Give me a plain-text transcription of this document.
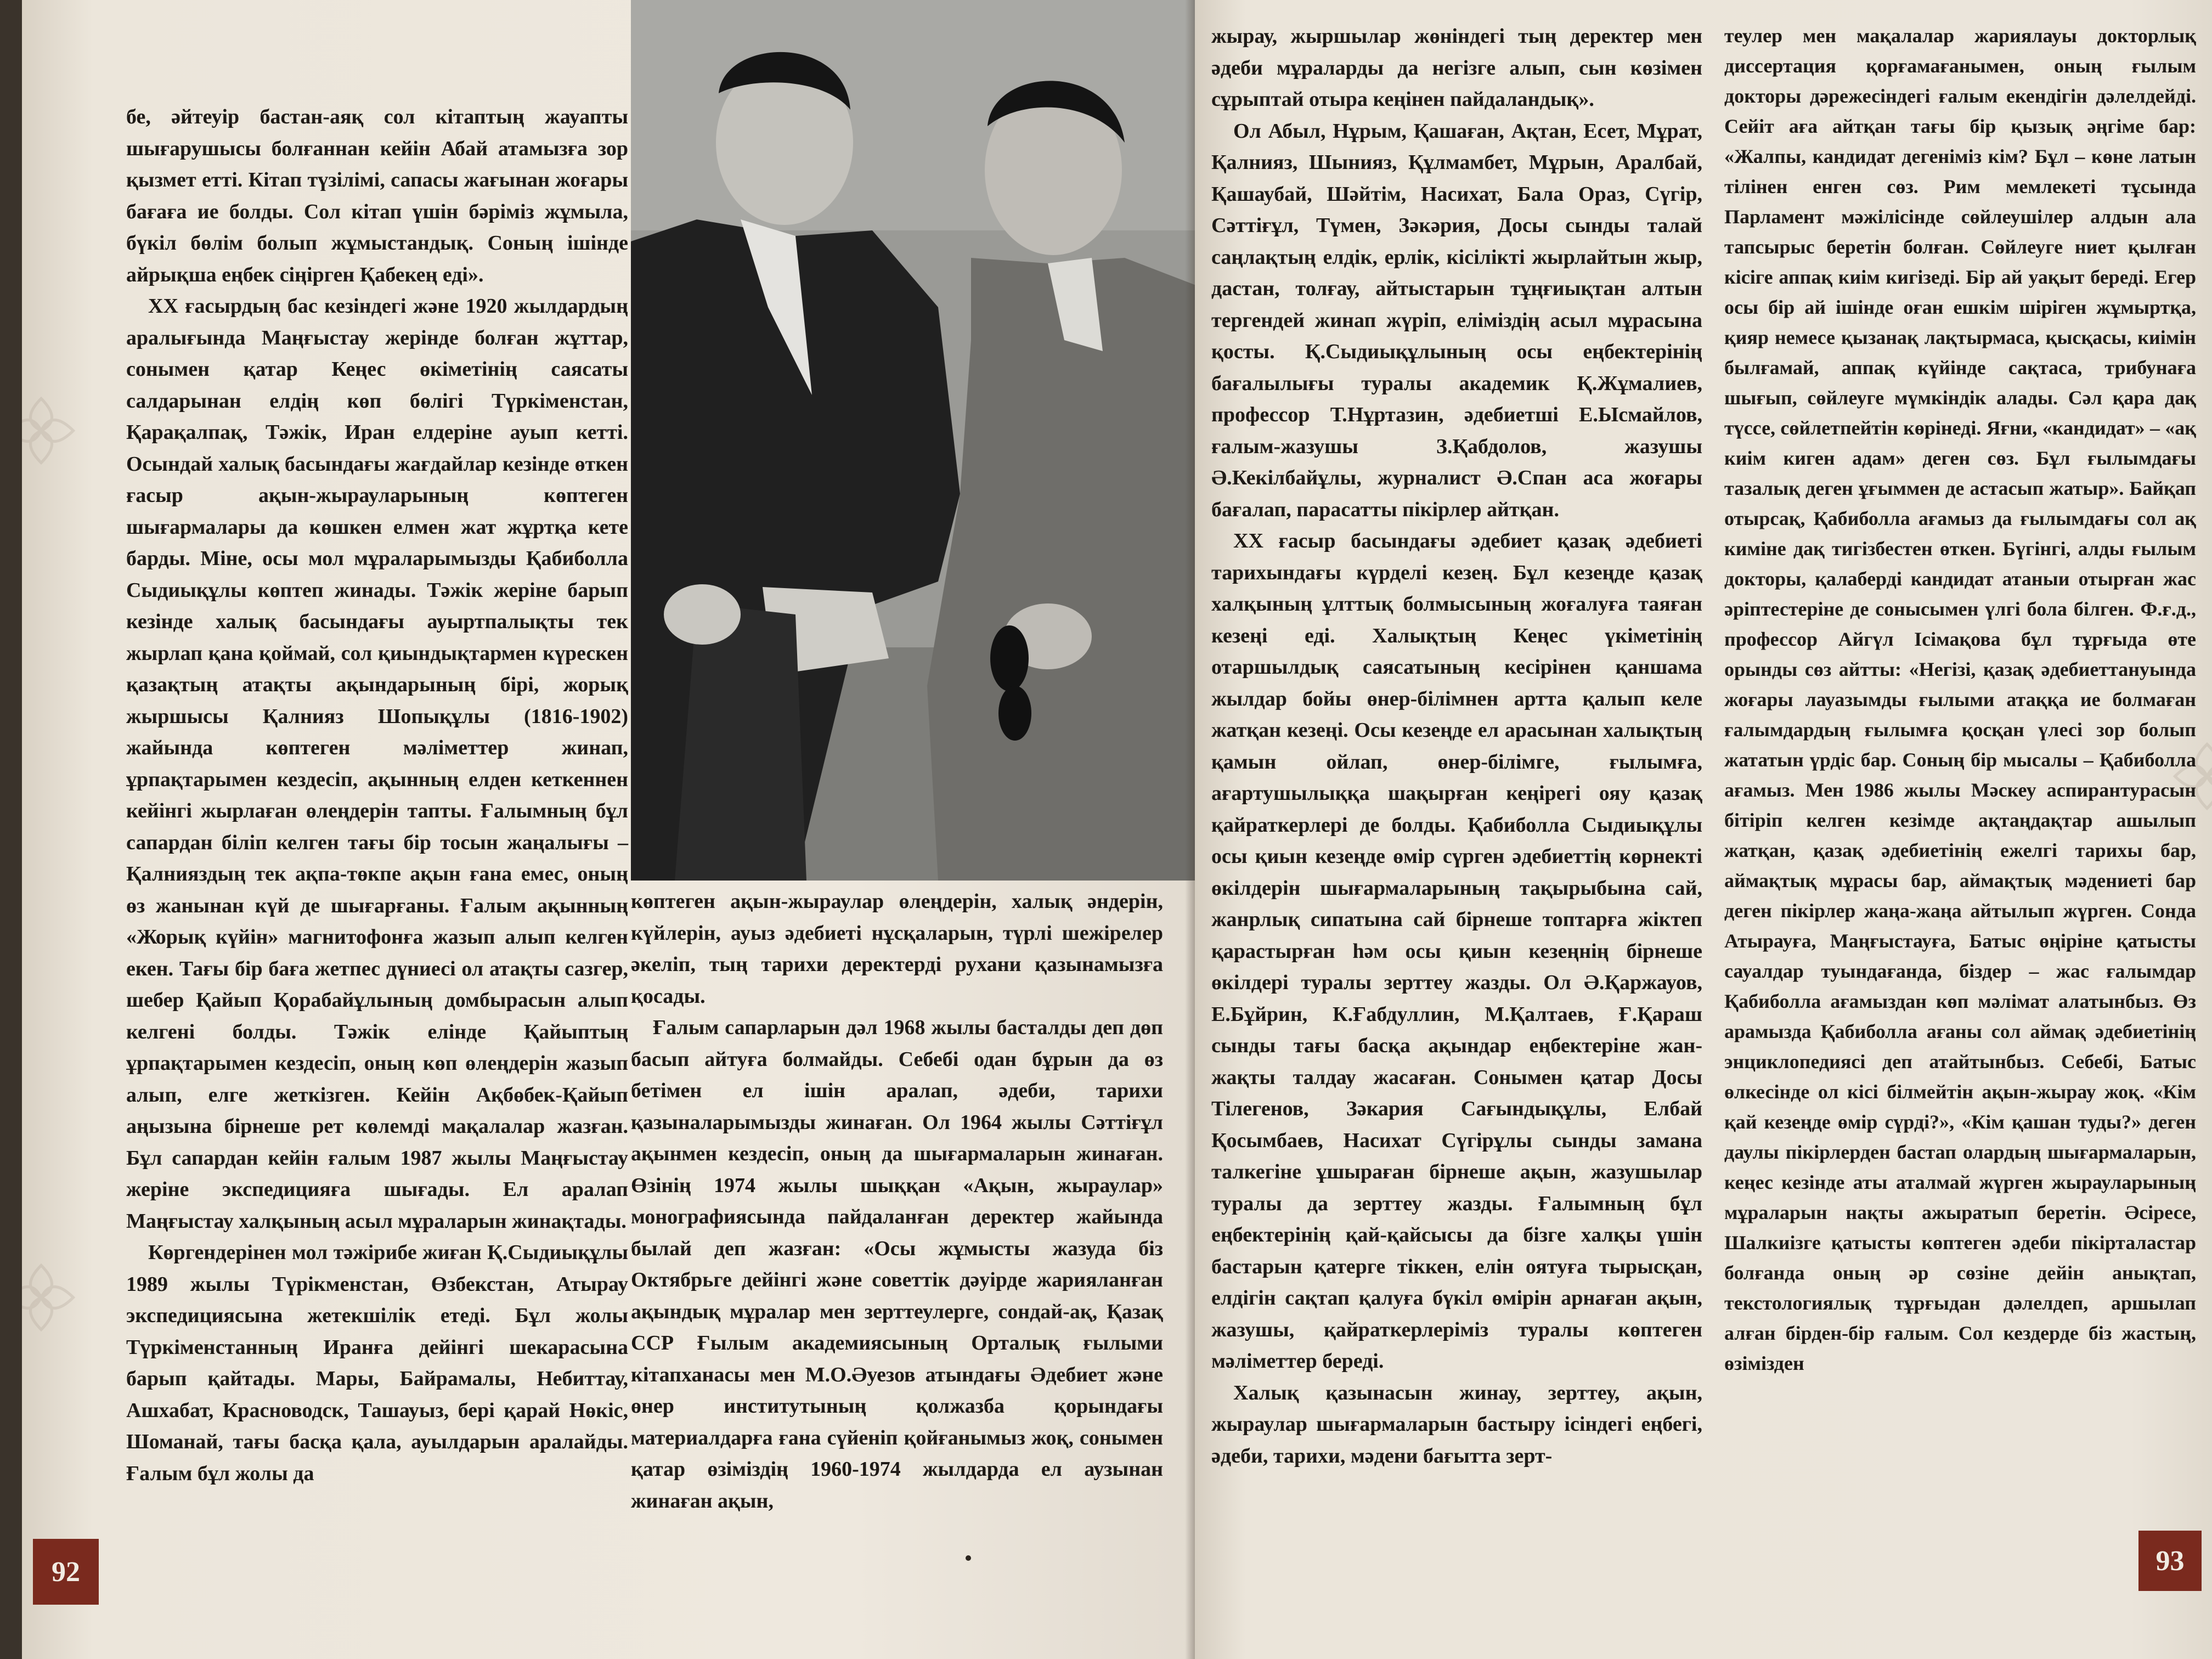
бе, әйтеуір бастан-аяқ сол кітаптың жауапты шығарушысы болғаннан кейін Абай атамызға зор қызмет етті. Кітап түзілімі, сапасы жағынан жоғары бағаға ие болды. Сол кітап үшін бәріміз жұмыла, бүкіл бөлім болып жұмыстандық. Соның ішінде айрықша еңбек сіңірген Қабекең еді».

ХХ ғасырдың бас кезіндегі және 1920 жылдардың аралығында Маңғыстау жерінде болған жұттар, сонымен қатар Кеңес өкіметінің саясаты салдарынан елдің көп бөлігі Түркіменстан, Қарақалпақ, Тәжік, Иран елдеріне ауып кетті. Осындай халық басындағы жағдайлар кезінде өткен ғасыр ақын-жырауларының көптеген шығармалары да көшкен елмен жат жұртқа кете барды. Міне, осы мол мұраларымызды Қабиболла Сыдиықұлы көптеп жинады. Тәжік жеріне барып кезінде халық басындағы ауыртпалықты тек жырлап қана қоймай, сол қиындықтармен күрескен қазақтың атақты ақындарының бірі, жорық жыршысы Қалнияз Шопықұлы (1816-1902) жайында көптеген мәліметтер жинап, ұрпақтарымен кездесіп, ақынның елден кеткеннен кейінгі жырлаған өлеңдерін тапты. Ғалымның бұл сапардан біліп келген тағы бір тосын жаңалығы – Қалнияздың тек ақпа-төкпе ақын ғана емес, оның өз жанынан күй де шығарғаны. Ғалым ақынның «Жорық күйін» магнитофонға жазып алып келген екен. Тағы бір бағa жетпес дүниесі ол атақты сазгер, шебер Қайып Қорабайұлының домбырасын алып келгені болды. Тәжік елінде Қайыптың ұрпақтарымен кездесіп, оның көп өлеңдерін жазып алып, елге жеткізген. Кейін Ақбөбек-Қайып аңызына бірнеше рет көлемді мақалалар жазған. Бұл сапардан кейін ғалым 1987 жылы Маңғыстау жеріне экспедицияға шығады. Ел аралап Маңғыстау халқының асыл мұраларын жинақтады.

Көргендерінен мол тәжірибе жиған Қ.Сыдиықұлы 1989 жылы Түрікменстан, Өзбекстан, Атырау экспедициясына жетекшілік етеді. Бұл жолы Түркіменстанның Иранға дейінгі шекарасына барып қайтады. Мары, Байрамалы, Небиттау, Ашхабат, Красноводск, Ташауыз, бері қарай Нөкіс, Шоманай, тағы басқа қала, ауылдарын аралайды. Ғалым бұл жолы да

көптеген ақын-жыраулар өлеңдерін, халық әндерін, күйлерін, ауыз әдебиеті нұсқаларын, түрлі шежірелер әкеліп, тың тарихи деректерді рухани қазынамызға қосады.

Ғалым сапарларын дәл 1968 жылы басталды деп дөп басып айтуға болмайды. Себебі одан бұрын да өз бетімен ел ішін аралап, әдеби, тарихи қазыналарымызды жинаған. Ол 1964 жылы Сәттіғұл ақынмен кездесіп, оның да шығармаларын жинаған. Өзінің 1974 жылы шыққан «Ақын, жыраулар» монографиясында пайдаланған деректер жайында былай деп жазған: «Осы жұмысты жазуда біз Октябрьге дейінгі және советтік дәуірде жарияланған ақындық мұралар мен зерттеулерге, сондай-ақ, Қазақ ССР Ғылым академиясының Орталық ғылыми кітапханасы мен М.О.Әуезов атындағы Әдебиет және өнер институтының қолжазба қорындағы материалдарға ғана сүйеніп қойғанымыз жоқ, сонымен қатар өзіміздің 1960-1974 жылдарда ел аузынан жинаған ақын,

92

жырау, жыршылар жөніндегі тың деректер мен әдеби мұраларды да негізге алып, сын көзімен сұрыптай отыра кеңінен пайдаландық».

Ол Абыл, Нұрым, Қашаған, Ақтан, Есет, Мұрат, Қалнияз, Шынияз, Құлмамбет, Мұрын, Аралбай, Қашаубай, Шәйтім, Насихат, Бала Ораз, Сүгір, Сәттіғұл, Түмен, Зәкәрия, Досы сынды талай саңлақтың елдік, ерлік, кісілікті жырлайтын жыр, дастан, толғау, айтыстарын тұңғиықтан алтын тергендей жинап жүріп, еліміздің асыл мұрасына қосты. Қ.Сыдиықұлының осы еңбектерінің бағалылығы туралы академик Қ.Жұмалиев, профессор Т.Нұртазин, әдебиетші Е.Ысмайлов, ғалым-жазушы З.Қабдолов, жазушы Ә.Кекілбайұлы, журналист Ә.Спан аса жоғары бағалап, парасатты пікірлер айтқан.

ХХ ғасыр басындағы әдебиет қазақ әдебиеті тарихындағы күрделі кезең. Бұл кезеңде қазақ халқының ұлттық болмысының жоғалуға таяған кезеңі еді. Халықтың Кеңес үкіметінің отаршылдық саясатының кесірінен қаншама жылдар бойы өнер-білімнен артта қалып келе жатқан кезеңі. Осы кезеңде ел арасынан халықтың қамын ойлап, өнер-білімге, ғылымға, ағартушылыққа шақырған кеңірегі ояу қазақ қайраткерлері де болды. Қабиболла Сыдиықұлы осы қиын кезеңде өмір сүрген әдебиеттің көрнекті өкілдерін шығармаларының тақырыбына сай, жанрлық сипатына сай бірнеше топтарға жіктеп қарастырған һәм осы қиын кезеңнің бірнеше өкілдері туралы зерттеу жазды. Ол Ә.Қаржауов, Е.Бұйрин, К.Ғабдуллин, М.Қалтаев, Ғ.Қараш сынды тағы басқа ақындар еңбектеріне жан-жақты талдау жасаған. Сонымен қатар Досы Тілегенов, Зәкария Сағындықұлы, Елбай Қосымбаев, Насихат Сүгірұлы сынды замана талкегіне ұшыраған бірнеше ақын, жазушылар туралы да зерттеу жазды. Ғалымның бұл еңбектерінің қай-қайсысы да бізге халқы үшін бастарын қатерге тіккен, елін оятуға тырысқан, елдігін сақтап қалуға бүкіл өмірін арнаған ақын, жазушы, қайраткерлеріміз туралы көптеген мәліметтер береді.

Халық қазынасын жинау, зерттеу, ақын, жыраулар шығармаларын бастыру ісіндегі еңбегі, әдеби, тарихи, мәдени бағытта зерт-

теулер мен мақалалар жариялауы докторлық диссертация қорғамағанымен, оның ғылым докторы дәрежесіндегі ғалым екендігін дәлелдейді. Сейіт аға айтқан тағы бір қызық әңгіме бар: «Жалпы, кандидат дегеніміз кім? Бұл – көне латын тілінен енген сөз. Рим мемлекеті тұсында Парламент мәжілісінде сөйлеушілер алдын ала тапсырыс беретін болған. Сөйлеуге ниет қылған кісіге аппақ киім кигізеді. Бір ай уақыт береді. Егер осы бір ай ішінде оған ешкім шіріген жұмыртқа, қияр немесе қызанақ лақтырмаса, қысқасы, киімін былғамай, аппақ күйінде сақтаса, трибунаға шығып, сөйлеуге мүмкіндік алады. Сәл қара дақ түссе, сөйлетпейтін көрінеді. Яғни, «кандидат» – «ақ киім киген адам» деген сөз. Бұл ғылымдағы тазалық деген ұғыммен де астасып жатыр». Байқап отырсақ, Қабиболла ағамыз да ғылымдағы сол ақ киміне дақ тигізбестен өткен. Бүгінгі, алды ғылым докторы, қалаберді кандидат атаныи отырған жас әріптестеріне де сонысымен үлгі бола білген. Ф.ғ.д., профессор Айгүл Ісімақова бұл тұрғыда өте орынды сөз айтты: «Негізі, қазақ әдебиеттануында жоғары лауазымды ғылыми атаққа ие болмаған ғалымдардың ғылымға қосқан үлесі зор болып жататын үрдіс бар. Соның бір мысалы – Қабиболла ағамыз. Мен 1986 жылы Мәскеу аспирантурасын бітіріп келген кезімде ақтаңдақтар ашылып жатқан, қазақ әдебиетінің ежелгі тарихы бар, аймақтық мұрасы бар, аймақтық мәдениеті бар деген пікірлер жаңа-жаңа айтылып жүрген. Сонда Атырауға, Маңғыстауға, Батыс өңіріне қатысты сауалдар туындағанда, біздер – жас ғалымдар Қабиболла ағамыздан көп мәлімат алатынбыз. Өз арамызда Қабиболла ағаны сол аймақ әдебиетінің энциклопедиясі деп атайтынбыз. Себебі, Батыс өлкесінде ол кісі білмейтін ақын-жырау жоқ. «Кім қай кезеңде өмір сүрді?», «Кім қашан туды?» деген даулы пікірлерден бастап олардың шығармаларын, кеңес кезінде аты аталмай жүрген жырауларының мұраларын нақты ажыратып беретін. Әсіресе, Шалкиізге қатысты көптеген әдеби пікірталастар болғанда оның әр сөзіне дейін анықтап, текстологиялық тұрғыдан дәлелдеп, аршылап алған бірден-бір ғалым. Сол кездерде біз жастың, өзімізден

93
